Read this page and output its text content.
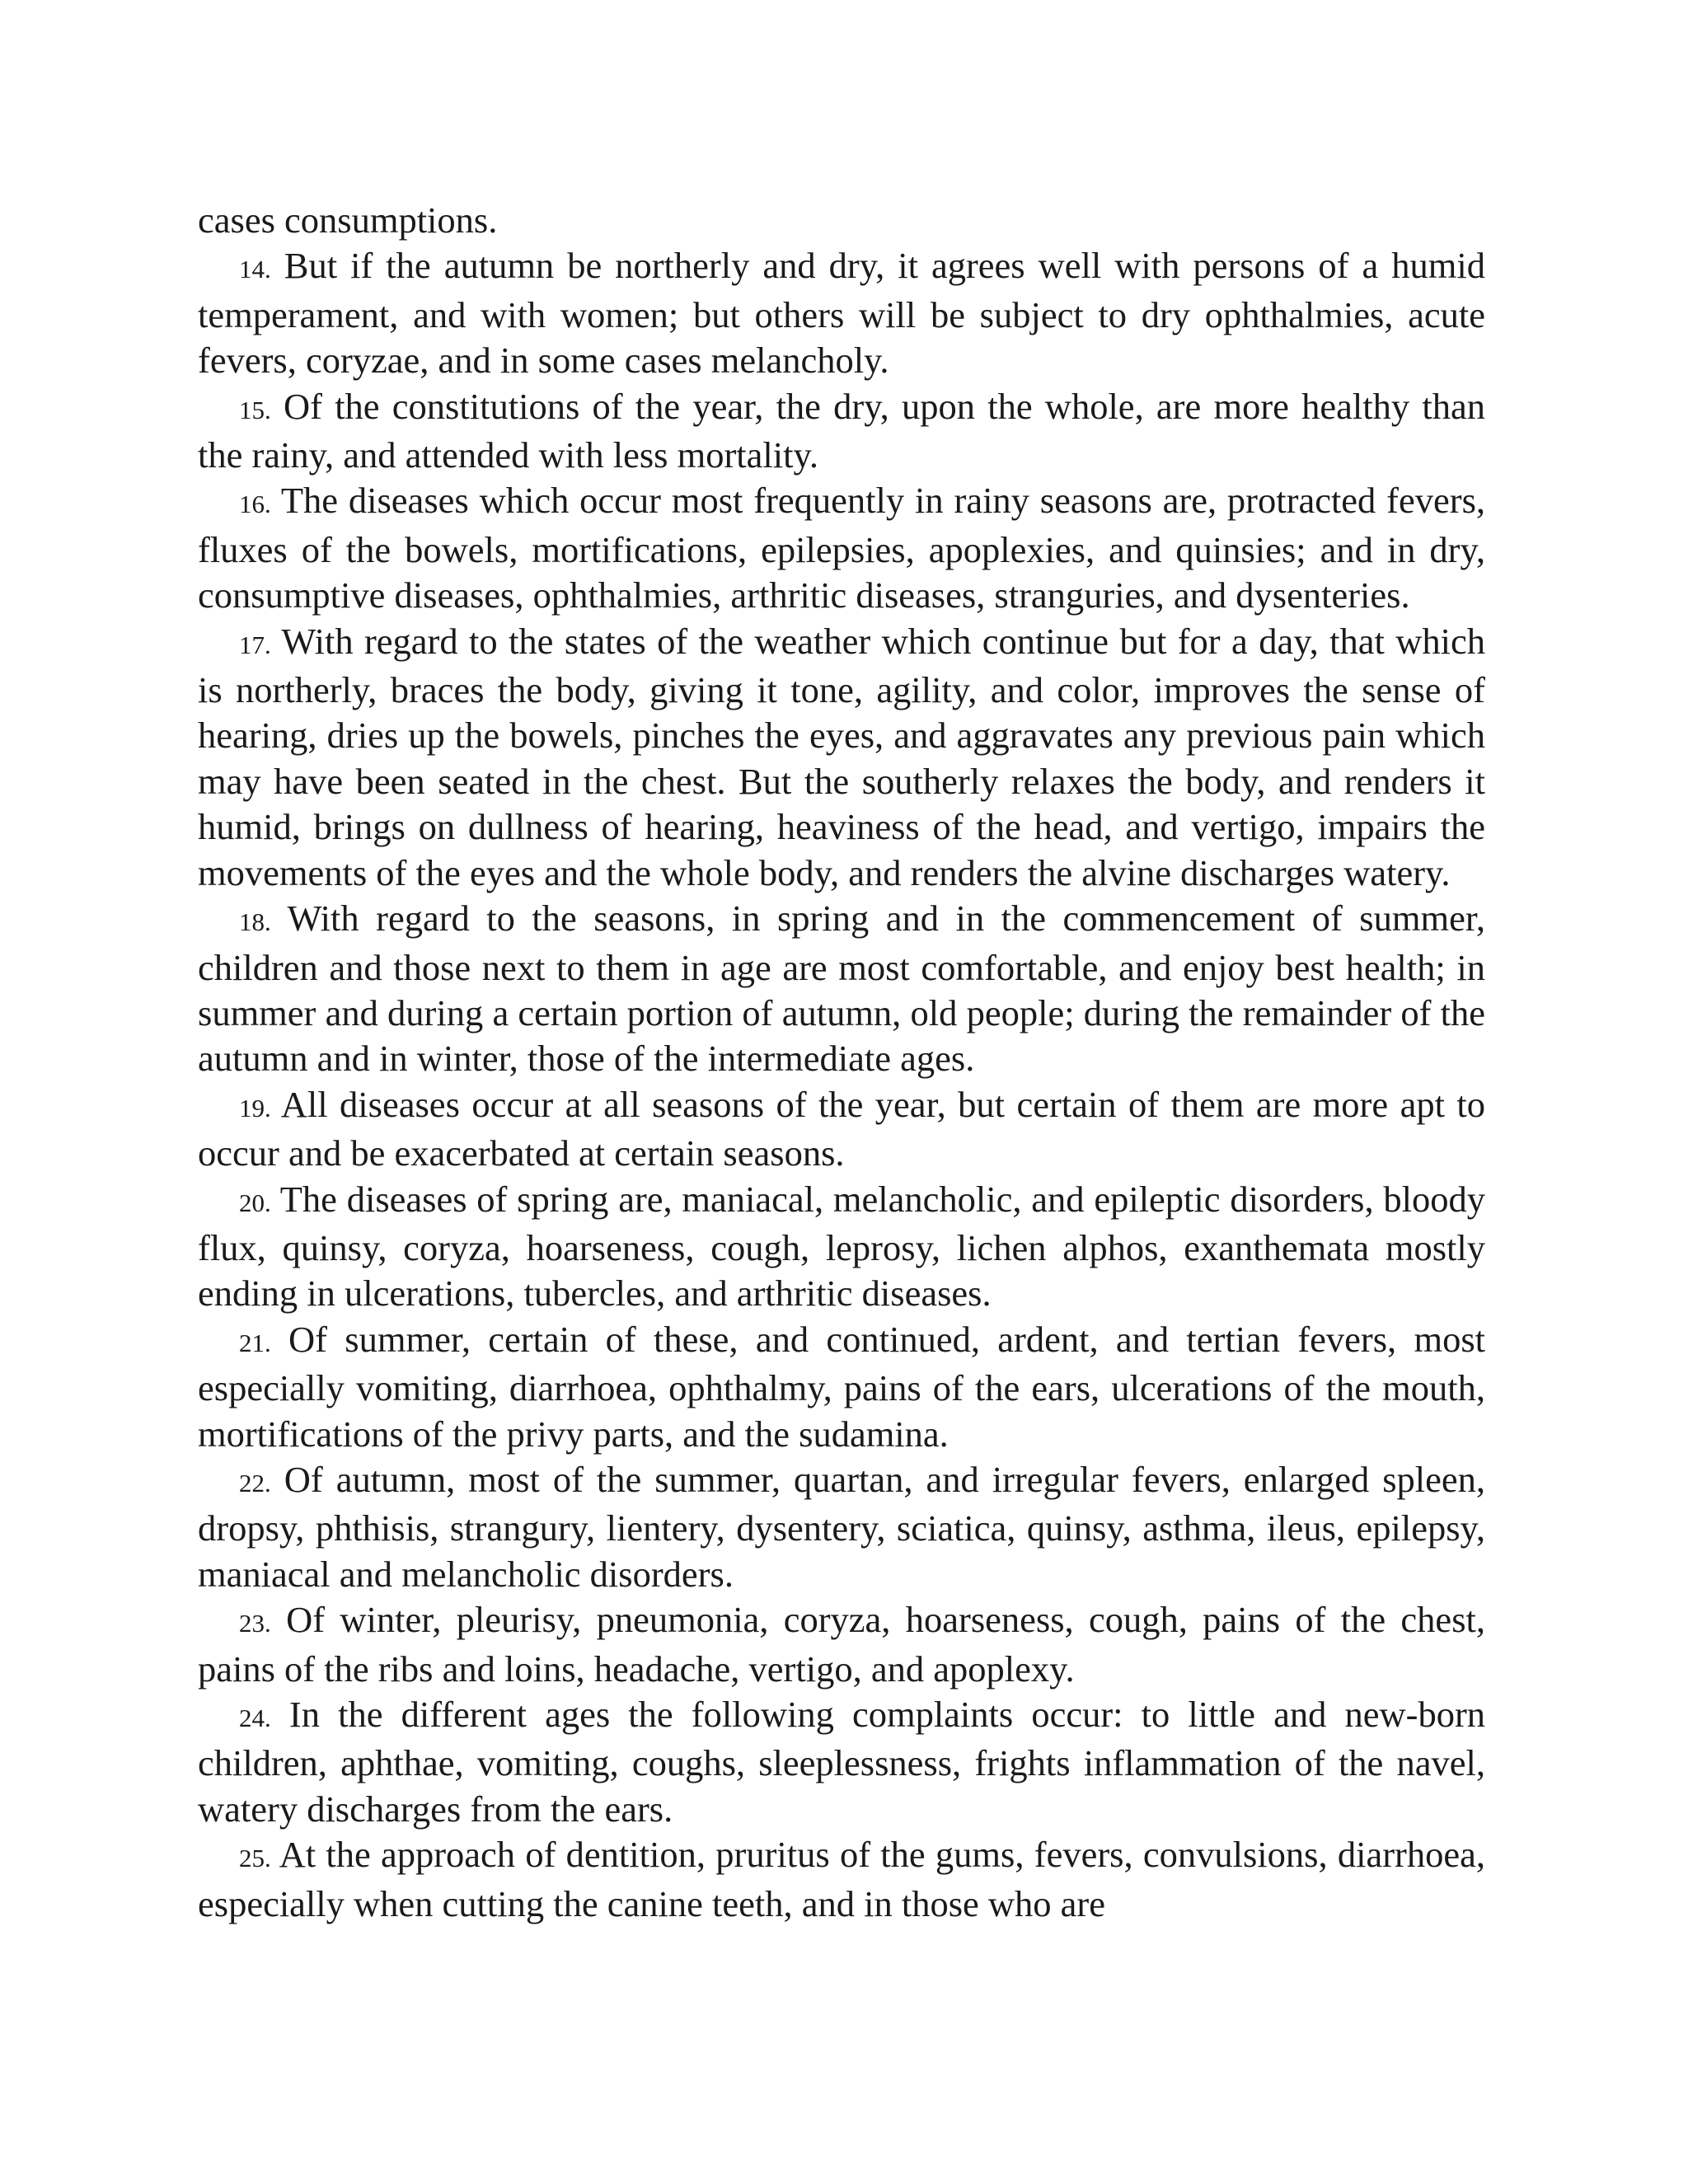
cases consumptions.

14. But if the autumn be northerly and dry, it agrees well with persons of a humid temperament, and with women; but others will be subject to dry ophthalmies, acute fevers, coryzae, and in some cases melancholy.

15. Of the constitutions of the year, the dry, upon the whole, are more healthy than the rainy, and attended with less mortality.

16. The diseases which occur most frequently in rainy seasons are, protracted fevers, fluxes of the bowels, mortifications, epilepsies, apoplexies, and quinsies; and in dry, consumptive diseases, ophthalmies, arthritic diseases, stranguries, and dysenteries.

17. With regard to the states of the weather which continue but for a day, that which is northerly, braces the body, giving it tone, agility, and color, improves the sense of hearing, dries up the bowels, pinches the eyes, and aggravates any previous pain which may have been seated in the chest. But the southerly relaxes the body, and renders it humid, brings on dullness of hearing, heaviness of the head, and vertigo, impairs the movements of the eyes and the whole body, and renders the alvine discharges watery.

18. With regard to the seasons, in spring and in the commencement of summer, children and those next to them in age are most comfortable, and enjoy best health; in summer and during a certain portion of autumn, old people; during the remainder of the autumn and in winter, those of the intermediate ages.

19. All diseases occur at all seasons of the year, but certain of them are more apt to occur and be exacerbated at certain seasons.

20. The diseases of spring are, maniacal, melancholic, and epileptic disorders, bloody flux, quinsy, coryza, hoarseness, cough, leprosy, lichen alphos, exanthemata mostly ending in ulcerations, tubercles, and arthritic diseases.

21. Of summer, certain of these, and continued, ardent, and tertian fevers, most especially vomiting, diarrhoea, ophthalmy, pains of the ears, ulcerations of the mouth, mortifications of the privy parts, and the sudamina.

22. Of autumn, most of the summer, quartan, and irregular fevers, enlarged spleen, dropsy, phthisis, strangury, lientery, dysentery, sciatica, quinsy, asthma, ileus, epilepsy, maniacal and melancholic disorders.

23. Of winter, pleurisy, pneumonia, coryza, hoarseness, cough, pains of the chest, pains of the ribs and loins, headache, vertigo, and apoplexy.

24. In the different ages the following complaints occur: to little and new-born children, aphthae, vomiting, coughs, sleeplessness, frights inflammation of the navel, watery discharges from the ears.

25. At the approach of dentition, pruritus of the gums, fevers, convulsions, diarrhoea, especially when cutting the canine teeth, and in those who are
